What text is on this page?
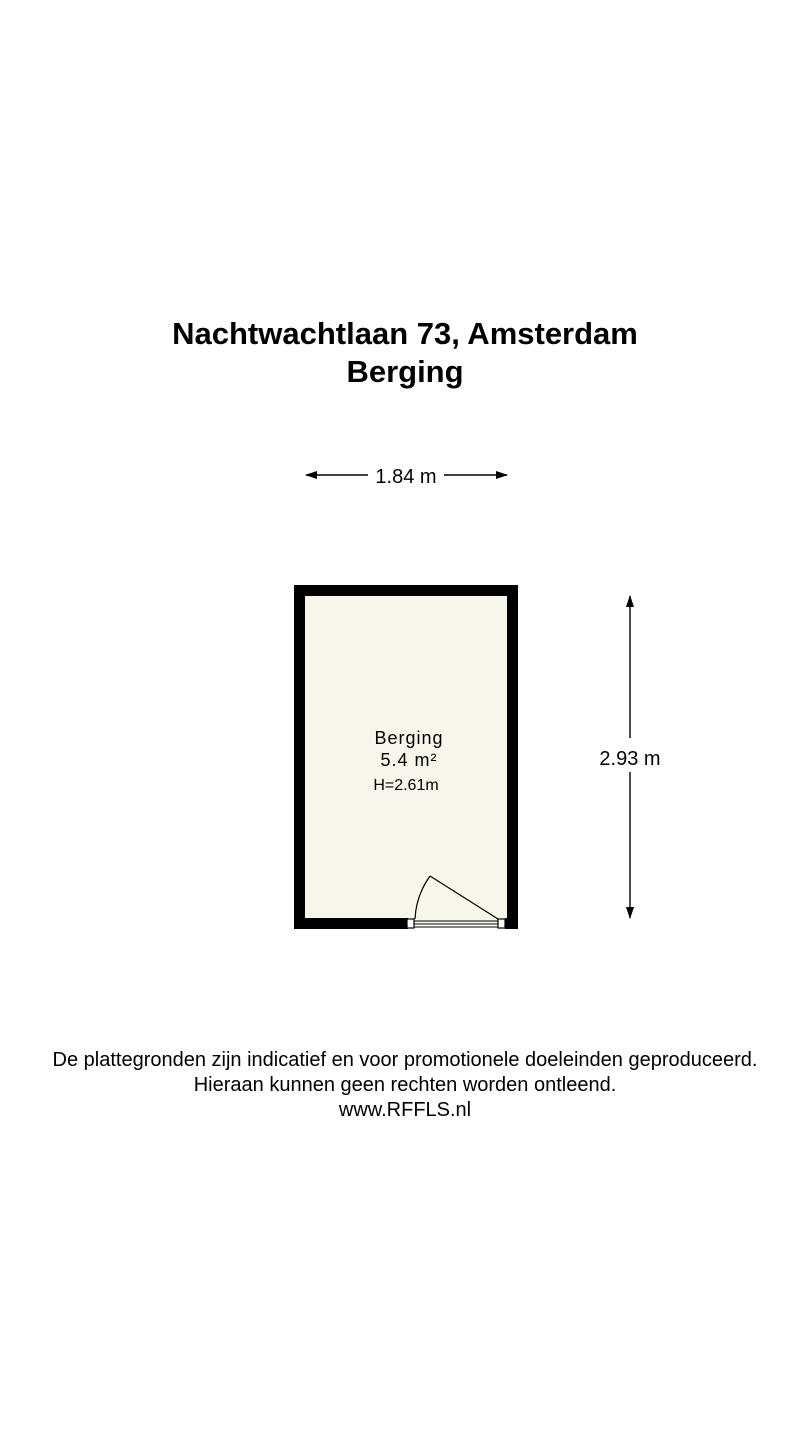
Nachtwachtlaan 73, Amsterdam
Berging
1.84 m
Berging
5.4 m²
H=2.61m
2.93 m
De plattegronden zijn indicatief en voor promotionele doeleinden geproduceerd.
Hieraan kunnen geen rechten worden ontleend.
www.RFFLS.nl
